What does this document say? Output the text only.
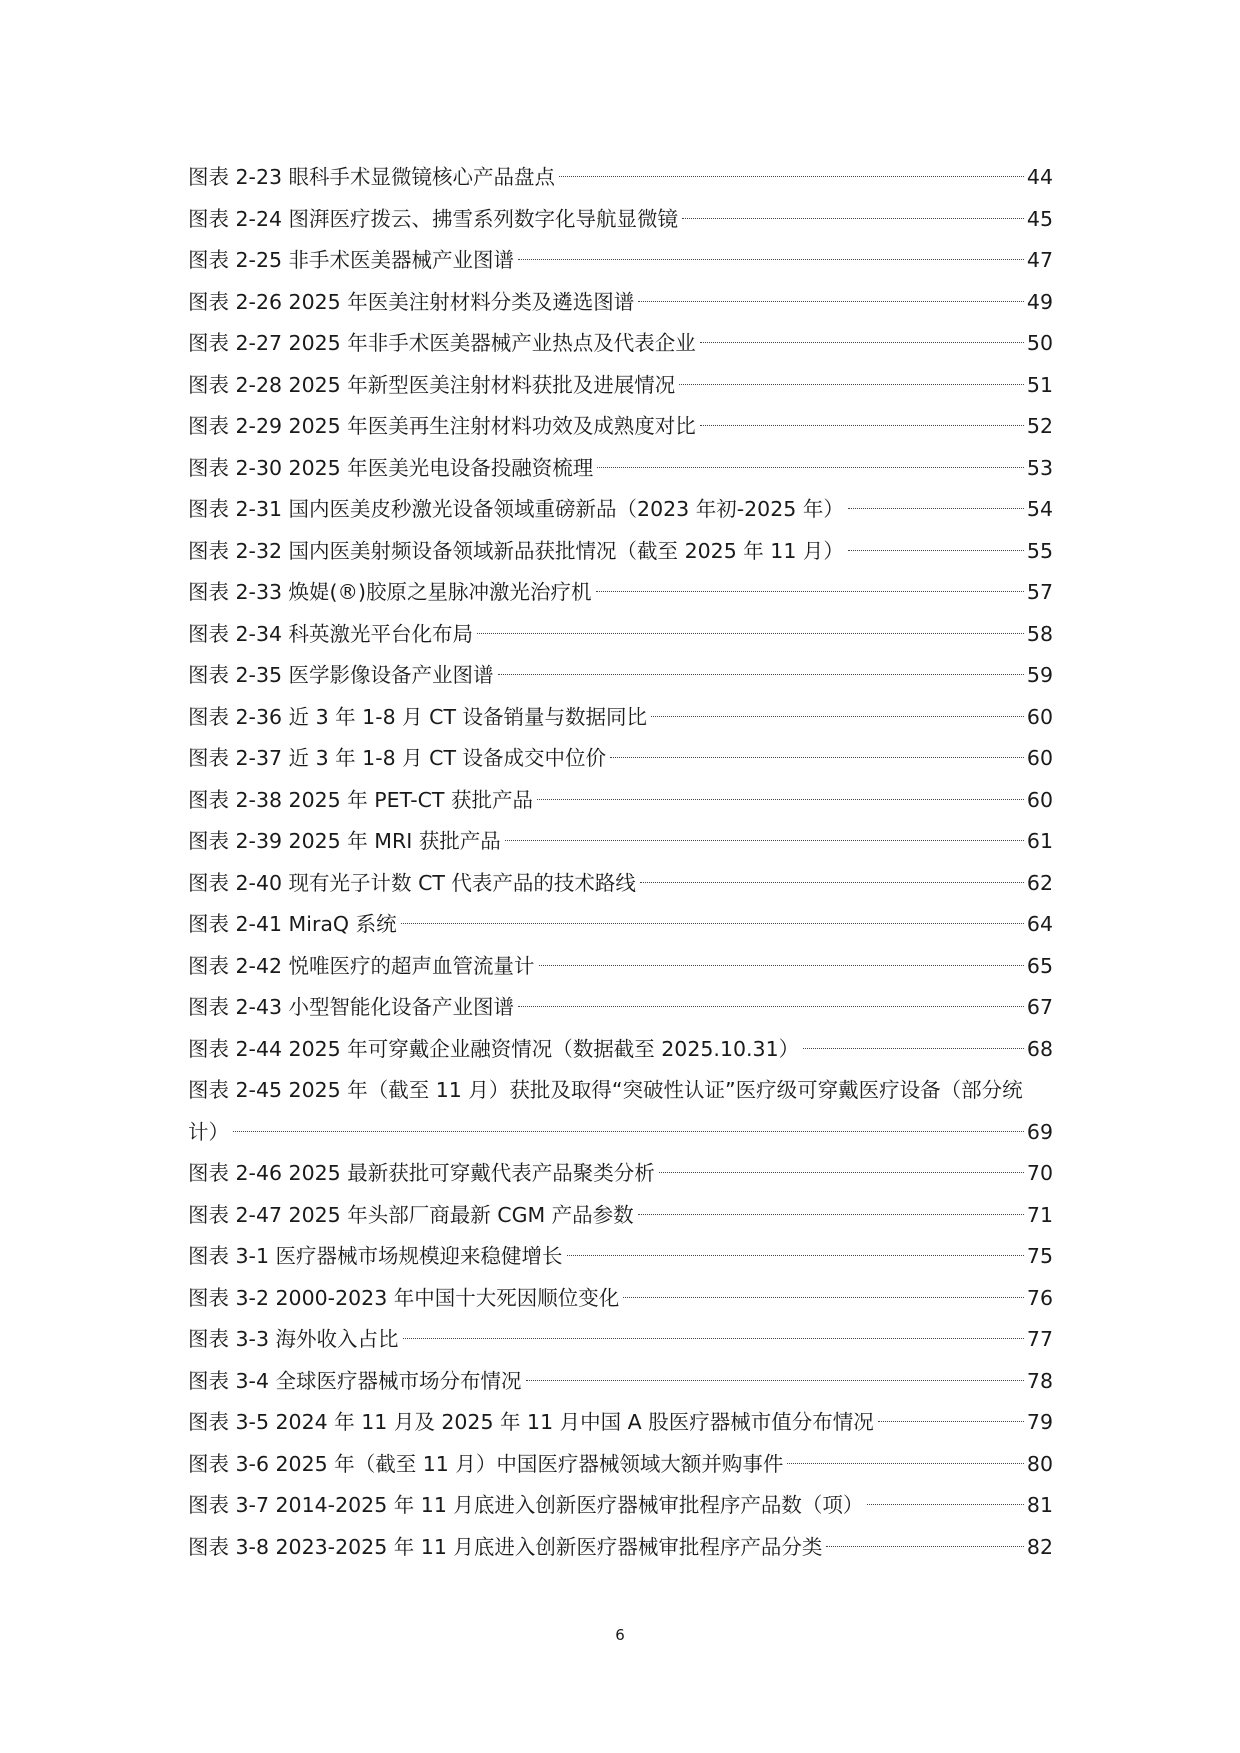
图表 2-23 眼科手术显微镜核心产品盘点	44
图表 2-24 图湃医疗拨云、拂雪系列数字化导航显微镜	45
图表 2-25 非手术医美器械产业图谱	47
图表 2-26 2025 年医美注射材料分类及遴选图谱	49
图表 2-27 2025 年非手术医美器械产业热点及代表企业	50
图表 2-28 2025 年新型医美注射材料获批及进展情况	51
图表 2-29 2025 年医美再生注射材料功效及成熟度对比	52
图表 2-30 2025 年医美光电设备投融资梳理	53
图表 2-31 国内医美皮秒激光设备领域重磅新品（2023 年初-2025 年）	54
图表 2-32 国内医美射频设备领域新品获批情况（截至 2025 年 11 月）	55
图表 2-33 焕媞(®)胶原之星脉冲激光治疗机	57
图表 2-34 科英激光平台化布局	58
图表 2-35 医学影像设备产业图谱	59
图表 2-36 近 3 年 1-8 月 CT 设备销量与数据同比	60
图表 2-37 近 3 年 1-8 月 CT 设备成交中位价	60
图表 2-38 2025 年 PET-CT 获批产品	60
图表 2-39 2025 年 MRI 获批产品	61
图表 2-40 现有光子计数 CT 代表产品的技术路线	62
图表 2-41 MiraQ 系统	64
图表 2-42 悦唯医疗的超声血管流量计	65
图表 2-43 小型智能化设备产业图谱	67
图表 2-44 2025 年可穿戴企业融资情况（数据截至 2025.10.31）	68
图表 2-45 2025 年（截至 11 月）获批及取得“突破性认证”医疗级可穿戴医疗设备（部分统
计）	69
图表 2-46 2025 最新获批可穿戴代表产品聚类分析	70
图表 2-47 2025 年头部厂商最新 CGM 产品参数	71
图表 3-1 医疗器械市场规模迎来稳健增长	75
图表 3-2 2000-2023 年中国十大死因顺位变化	76
图表 3-3 海外收入占比	77
图表 3-4 全球医疗器械市场分布情况	78
图表 3-5 2024 年 11 月及 2025 年 11 月中国 A 股医疗器械市值分布情况	79
图表 3-6 2025 年（截至 11 月）中国医疗器械领域大额并购事件	80
图表 3-7 2014-2025 年 11 月底进入创新医疗器械审批程序产品数（项）	81
图表 3-8 2023-2025 年 11 月底进入创新医疗器械审批程序产品分类	82
6
